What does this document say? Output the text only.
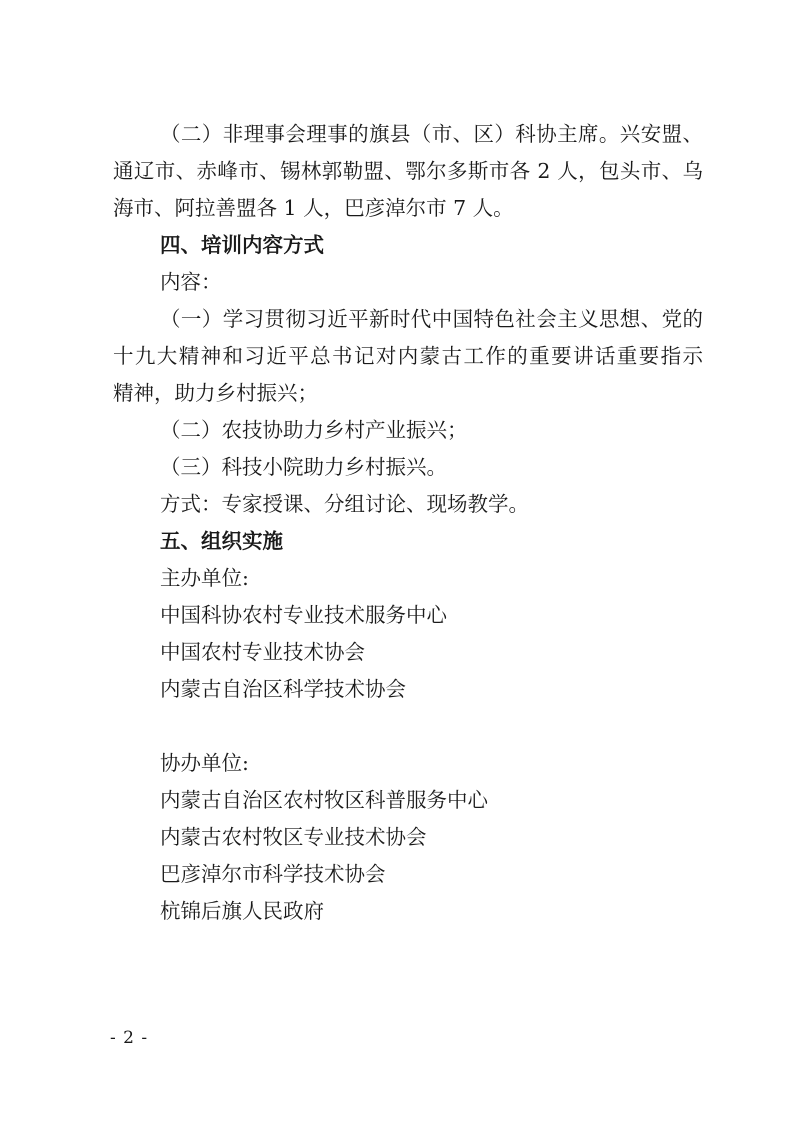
（二）非理事会理事的旗县（市、区）科协主席。兴安盟、
通辽市、赤峰市、锡林郭勒盟、鄂尔多斯市各 2 人，包头市、乌
海市、阿拉善盟各 1 人，巴彦淖尔市 7 人。
四、培训内容方式
内容：
（一）学习贯彻习近平新时代中国特色社会主义思想、党的
十九大精神和习近平总书记对内蒙古工作的重要讲话重要指示
精神，助力乡村振兴；
（二）农技协助力乡村产业振兴；
（三）科技小院助力乡村振兴。
方式：专家授课、分组讨论、现场教学。
五、组织实施
主办单位:
中国科协农村专业技术服务中心
中国农村专业技术协会
内蒙古自治区科学技术协会
协办单位:
内蒙古自治区农村牧区科普服务中心
内蒙古农村牧区专业技术协会
巴彦淖尔市科学技术协会
杭锦后旗人民政府
- 2 -
